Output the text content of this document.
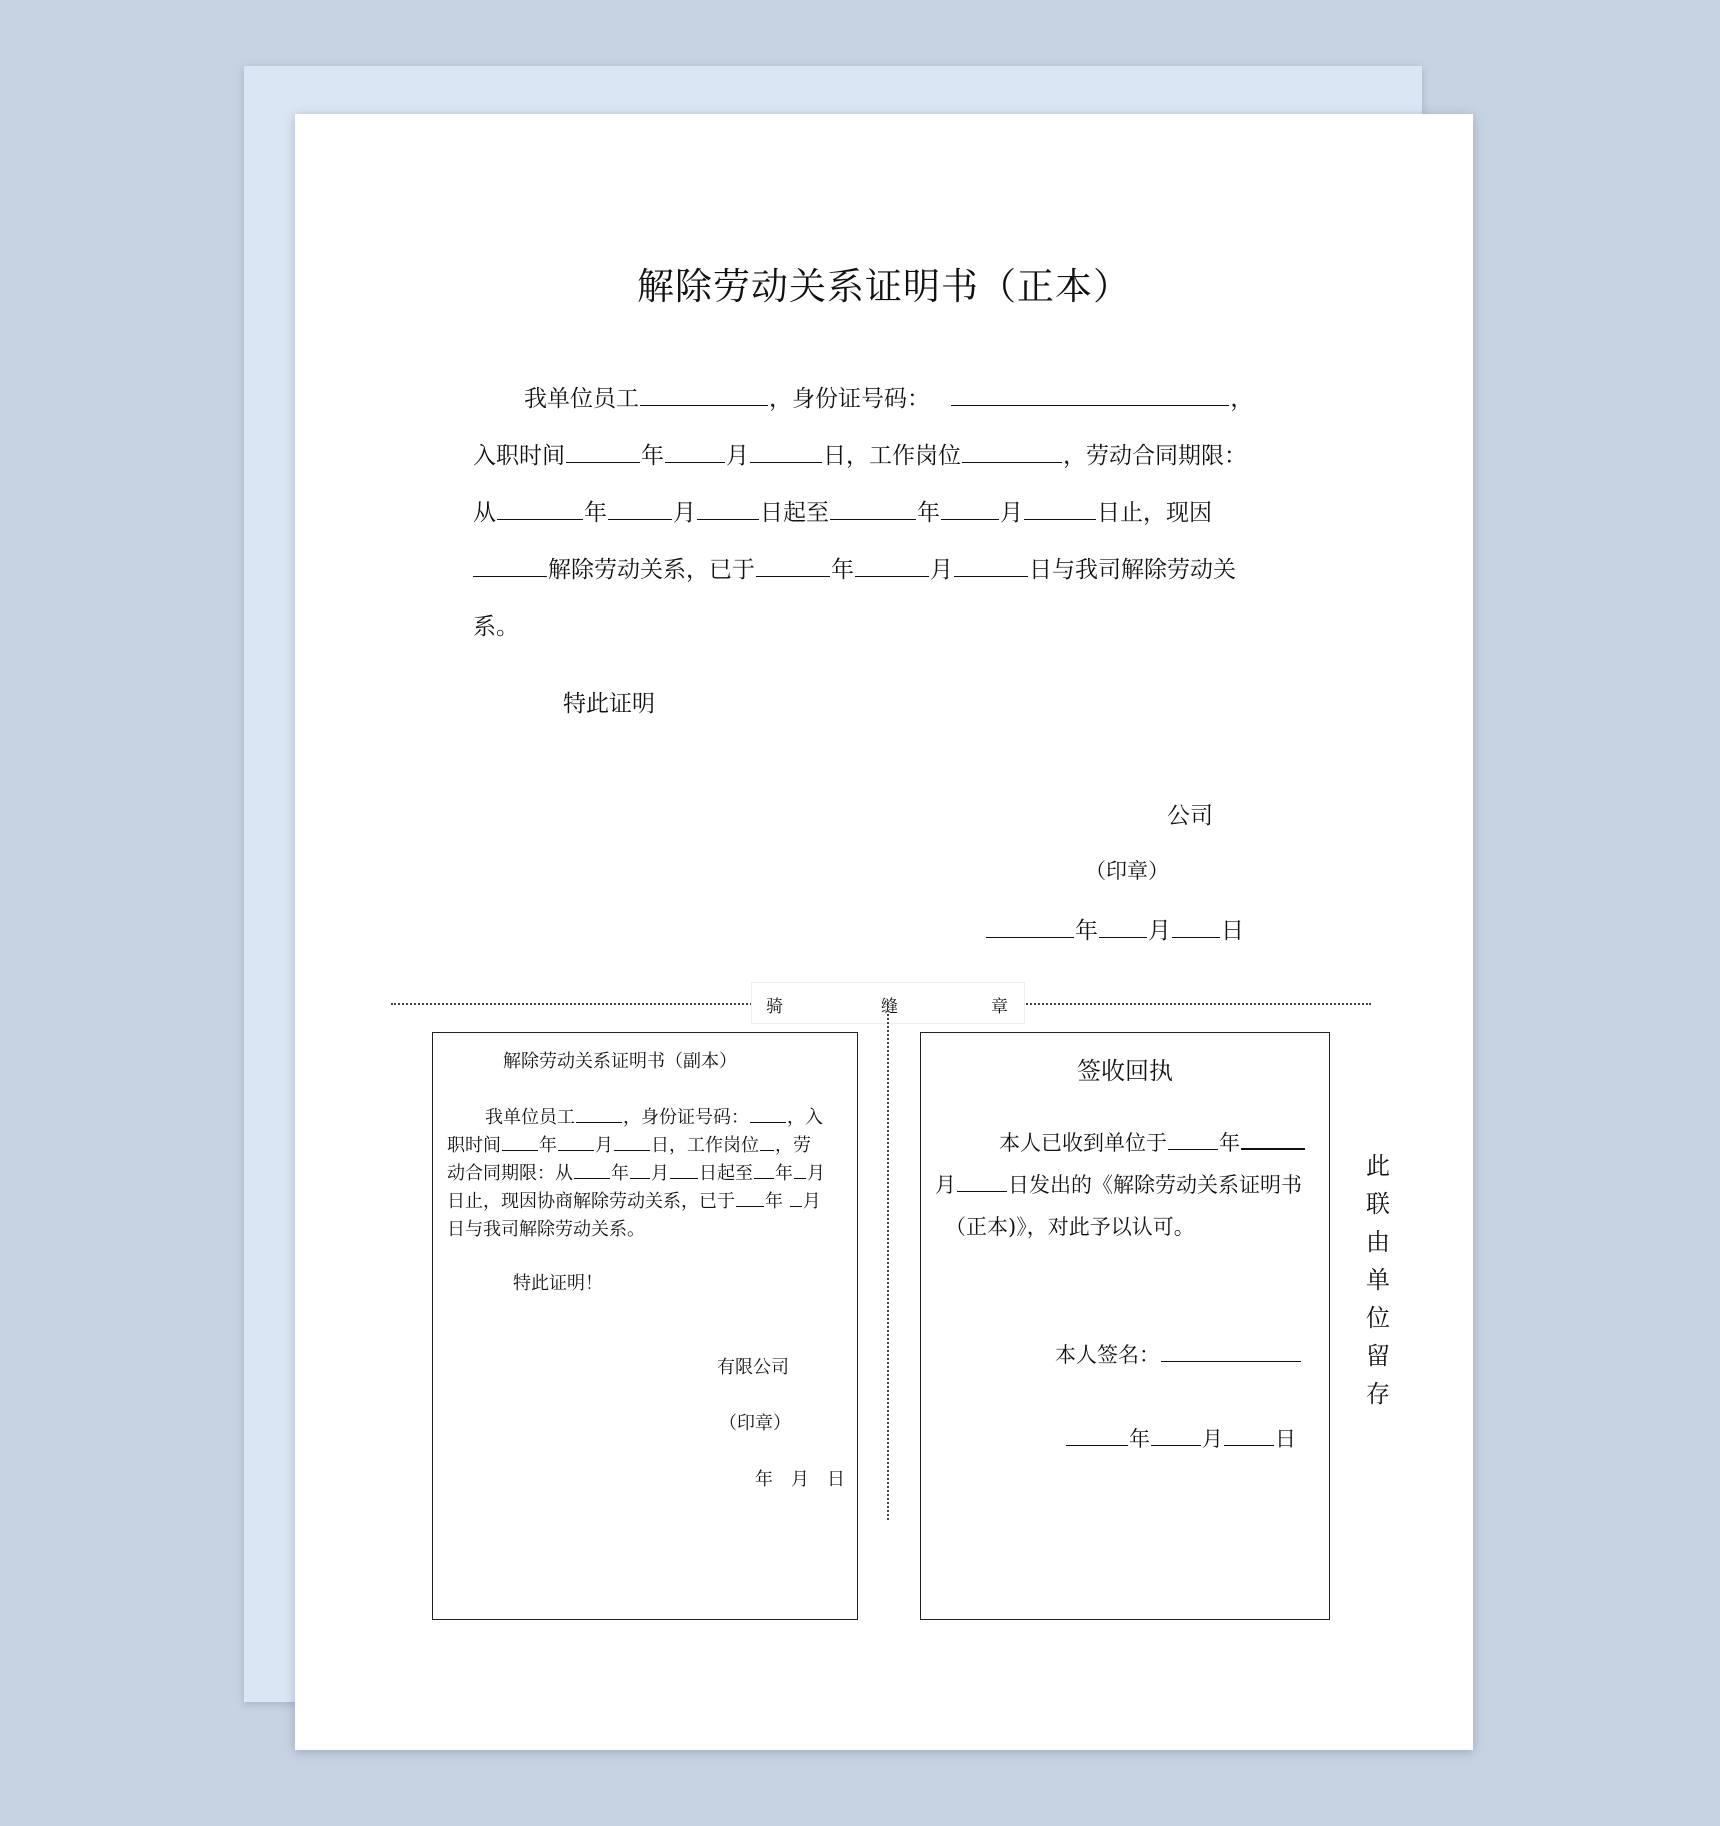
解除劳动关系证明书（正本）
我单位员工	，身份证号码：	，
入职时间	年	月	日，工作岗位	，劳动合同期限：
从	年	月	日起至	年	月	日止，现因
解除劳动关系，已于	年	月	日与我司解除劳动关
系。
特此证明
公司
（印章）
年 月 日
骑	缝	章
解除劳动关系证明书（副本）
我单位员工	，身份证号码： ，入
职时间 年 月 日，工作岗位 ，劳
动合同期限：从 年 月 日起至 年 月
日止，现因协商解除劳动关系，已于 年 月
日与我司解除劳动关系。
特此证明！
有限公司
（印章）
年　月　日
签收回执
本人已收到单位于 年
月 日发出的《解除劳动关系证明书
（正本)》，对此予以认可。
本人签名：
年 月 日
此
联
由
单
位
留
存
